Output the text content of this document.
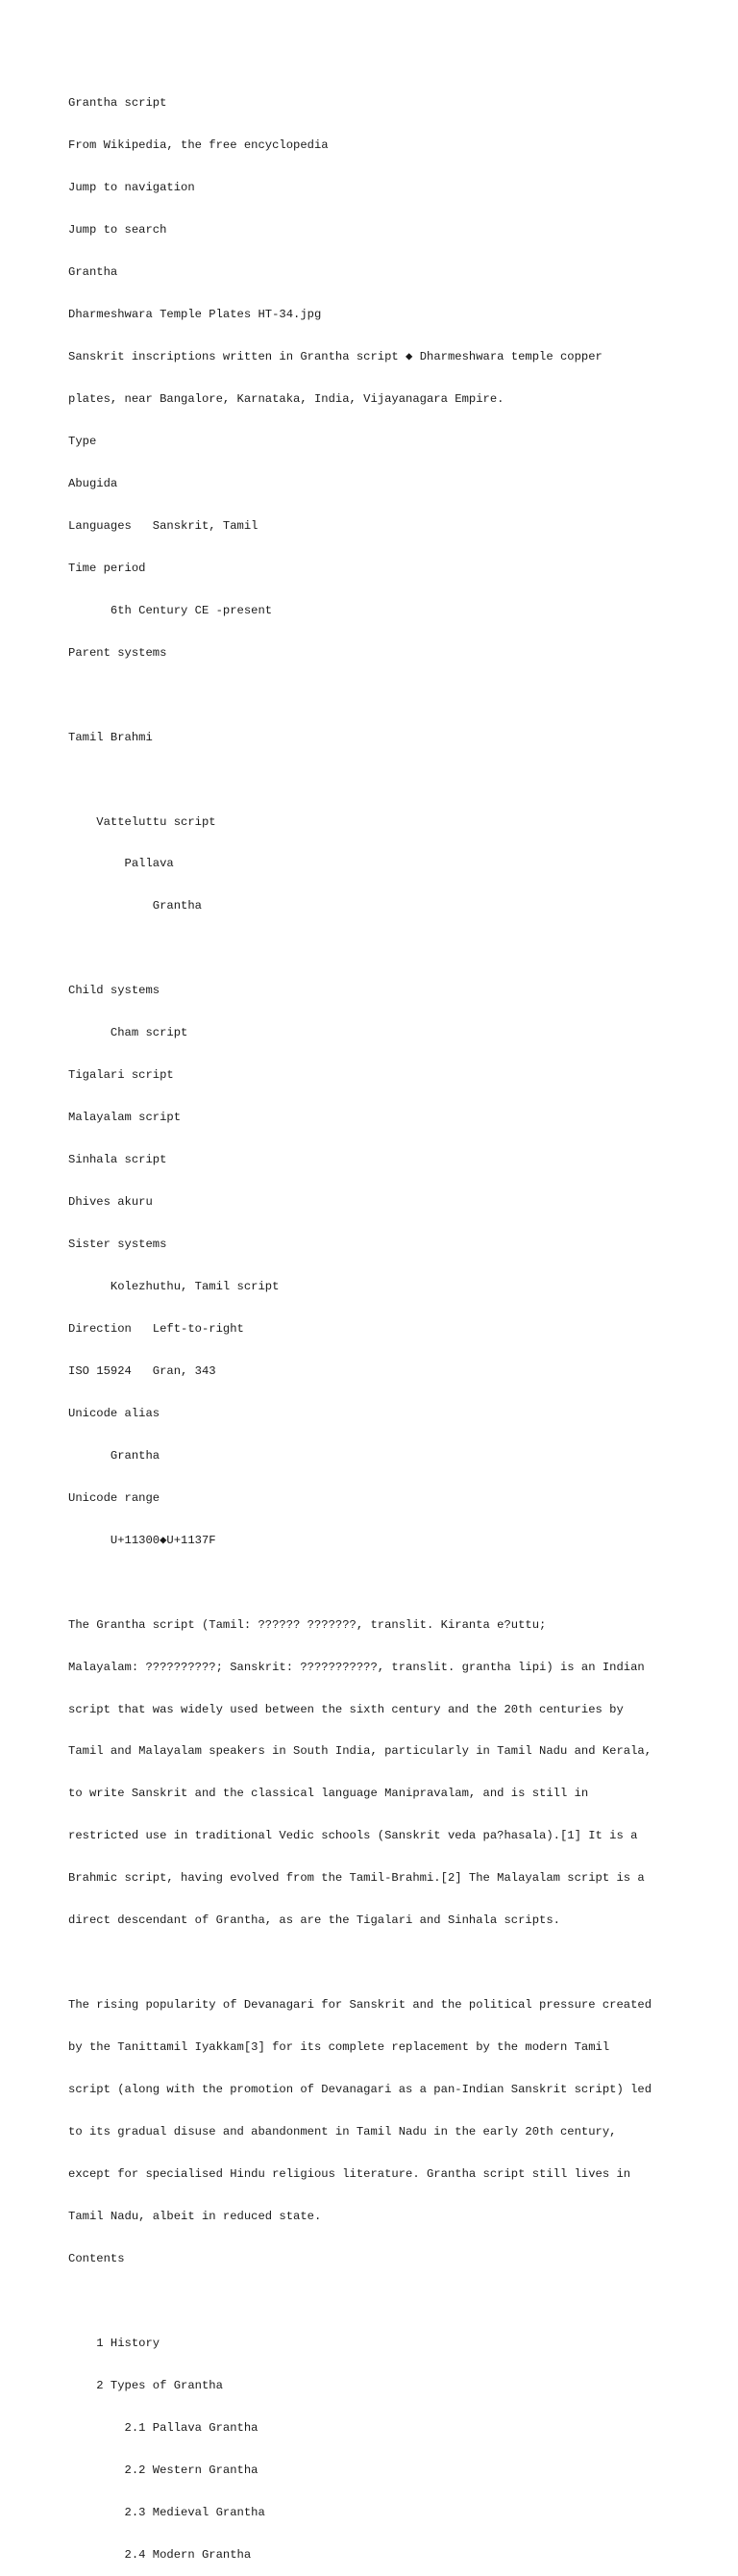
Grantha script

From Wikipedia, the free encyclopedia

Jump to navigation

Jump to search

Grantha

Dharmeshwara Temple Plates HT-34.jpg

Sanskrit inscriptions written in Grantha script ◆ Dharmeshwara temple copper

plates, near Bangalore, Karnataka, India, Vijayanagara Empire.

Type

Abugida

Languages   Sanskrit, Tamil

Time period

6th Century CE -present

Parent systems

Tamil Brahmi

Vatteluttu script

Pallava

Grantha

Child systems

Cham script

Tigalari script

Malayalam script

Sinhala script

Dhives akuru

Sister systems

Kolezhuthu, Tamil script

Direction   Left-to-right

ISO 15924   Gran, 343

Unicode alias

Grantha

Unicode range

U+11300◆U+1137F

The Grantha script (Tamil: ?????? ???????, translit. Kiranta e?uttu;

Malayalam: ??????????; Sanskrit: ???????????, translit. grantha lipi) is an Indian

script that was widely used between the sixth century and the 20th centuries by

Tamil and Malayalam speakers in South India, particularly in Tamil Nadu and Kerala,

to write Sanskrit and the classical language Manipravalam, and is still in

restricted use in traditional Vedic schools (Sanskrit veda pa?hasala).[1] It is a

Brahmic script, having evolved from the Tamil-Brahmi.[2] The Malayalam script is a

direct descendant of Grantha, as are the Tigalari and Sinhala scripts.

The rising popularity of Devanagari for Sanskrit and the political pressure created

by the Tanittamil Iyakkam[3] for its complete replacement by the modern Tamil

script (along with the promotion of Devanagari as a pan-Indian Sanskrit script) led

to its gradual disuse and abandonment in Tamil Nadu in the early 20th century,

except for specialised Hindu religious literature. Grantha script still lives in

Tamil Nadu, albeit in reduced state.

Contents

1 History

2 Types of Grantha

2.1 Pallava Grantha

2.2 Western Grantha

2.3 Medieval Grantha

2.4 Modern Grantha
